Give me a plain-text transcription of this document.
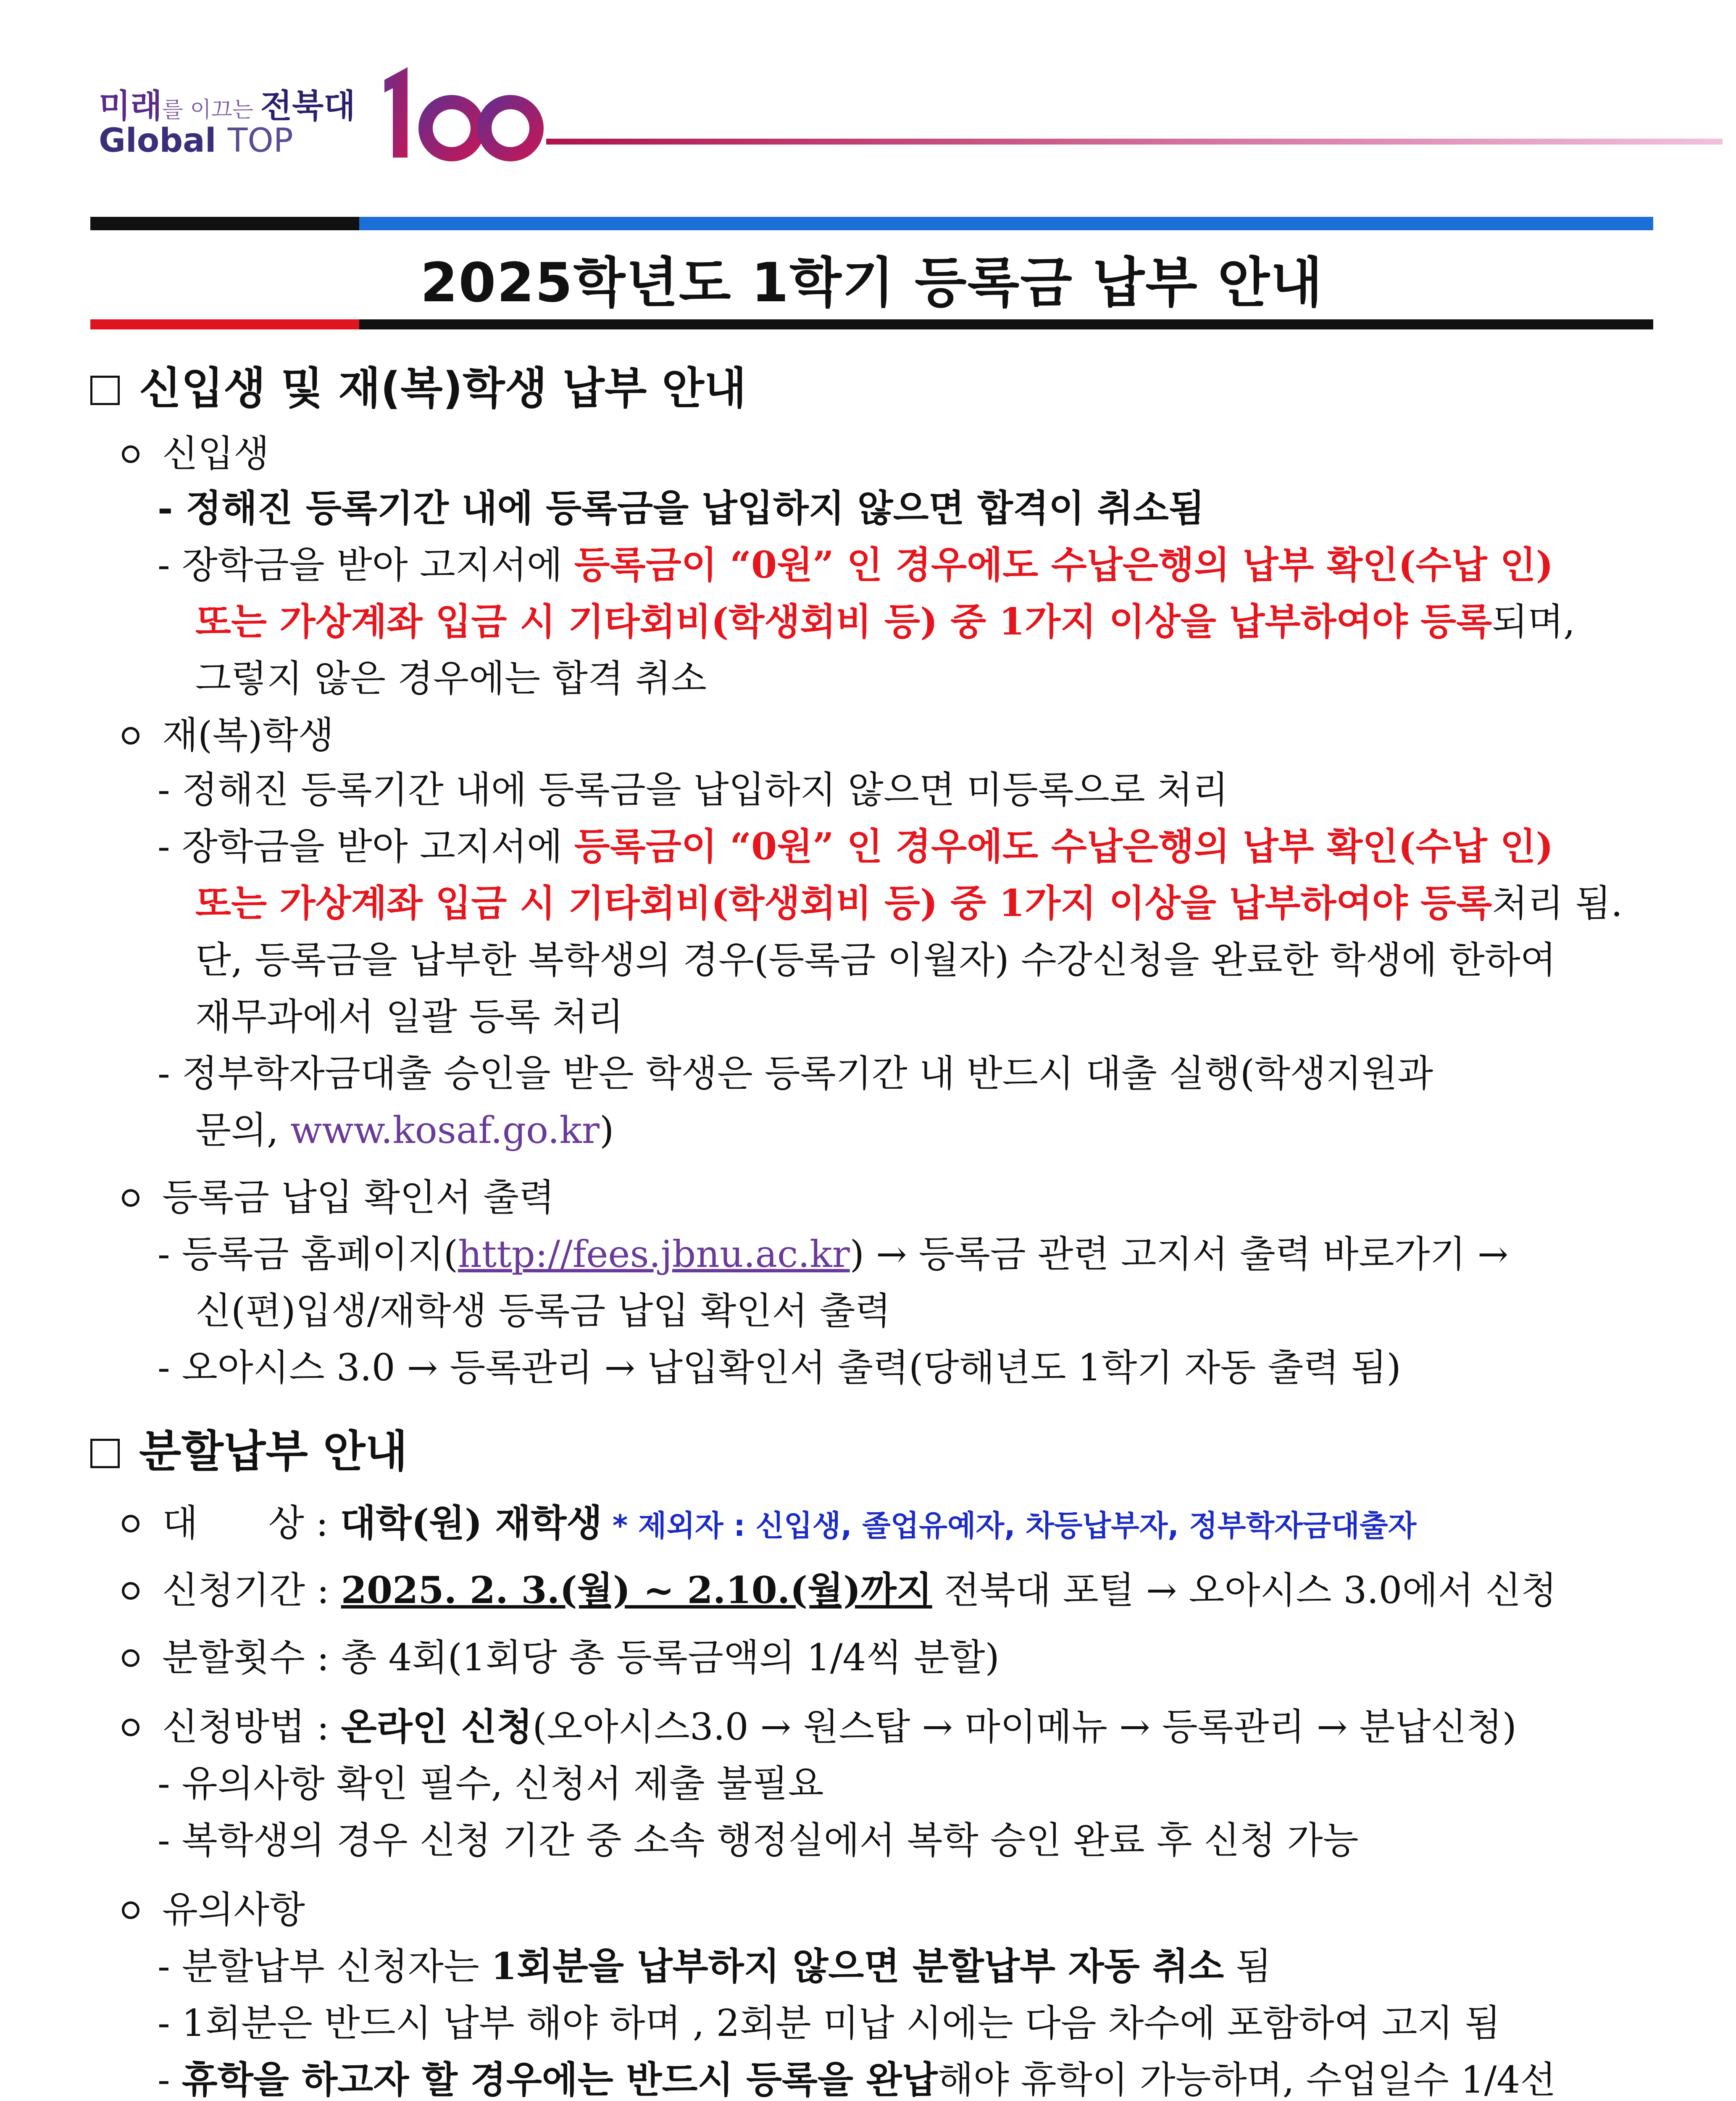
미래를 이끄는 전북대
Global TOP
2025학년도 1학기 등록금 납부 안내
신입생 및 재(복)학생 납부 안내
신입생
- 정해진 등록기간 내에 등록금을 납입하지 않으면 합격이 취소됨
- 장학금을 받아 고지서에 등록금이 “0원” 인 경우에도 수납은행의 납부 확인(수납 인)
또는 가상계좌 입금 시 기타회비(학생회비 등) 중 1가지 이상을 납부하여야 등록되며,
그렇지 않은 경우에는 합격 취소
재(복)학생
- 정해진 등록기간 내에 등록금을 납입하지 않으면 미등록으로 처리
- 장학금을 받아 고지서에 등록금이 “0원” 인 경우에도 수납은행의 납부 확인(수납 인)
또는 가상계좌 입금 시 기타회비(학생회비 등) 중 1가지 이상을 납부하여야 등록처리 됨.
단, 등록금을 납부한 복학생의 경우(등록금 이월자) 수강신청을 완료한 학생에 한하여
재무과에서 일괄 등록 처리
- 정부학자금대출 승인을 받은 학생은 등록기간 내 반드시 대출 실행(학생지원과
문의, www.kosaf.go.kr)
등록금 납입 확인서 출력
- 등록금 홈페이지(http://fees.jbnu.ac.kr) → 등록금 관련 고지서 출력 바로가기 →
신(편)입생/재학생 등록금 납입 확인서 출력
- 오아시스 3.0 → 등록관리 → 납입확인서 출력(당해년도 1학기 자동 출력 됨)
분할납부 안내
대      상 : 대학(원) 재학생 * 제외자 : 신입생, 졸업유예자, 차등납부자, 정부학자금대출자
신청기간 : 2025. 2. 3.(월) ~ 2.10.(월)까지 전북대 포털 → 오아시스 3.0에서 신청
분할횟수 : 총 4회(1회당 총 등록금액의 1/4씩 분할)
신청방법 : 온라인 신청(오아시스3.0 → 원스탑 → 마이메뉴 → 등록관리 → 분납신청)
- 유의사항 확인 필수, 신청서 제출 불필요
- 복학생의 경우 신청 기간 중 소속 행정실에서 복학 승인 완료 후 신청 가능
유의사항
- 분할납부 신청자는 1회분을 납부하지 않으면 분할납부 자동 취소 됨
- 1회분은 반드시 납부 해야 하며 , 2회분 미납 시에는 다음 차수에 포함하여 고지 됨
- 휴학을 하고자 할 경우에는 반드시 등록을 완납해야 휴학이 가능하며, 수업일수 1/4선
